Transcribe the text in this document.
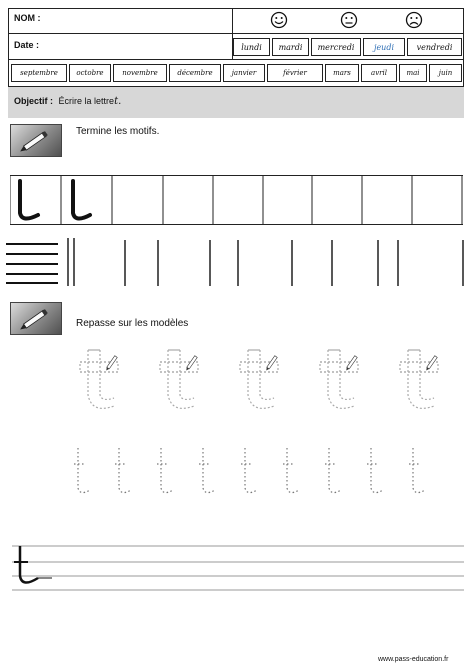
NOM :
Date :	lundi	mardi	mercredi	jeudi	vendredi
septembre	octobre	novembre	décembre	janvier	février	mars	avril	mai	juin
Objectif : Écrire la lettret.
Termine les motifs.
Repasse sur les modèles
www.pass-education.fr
